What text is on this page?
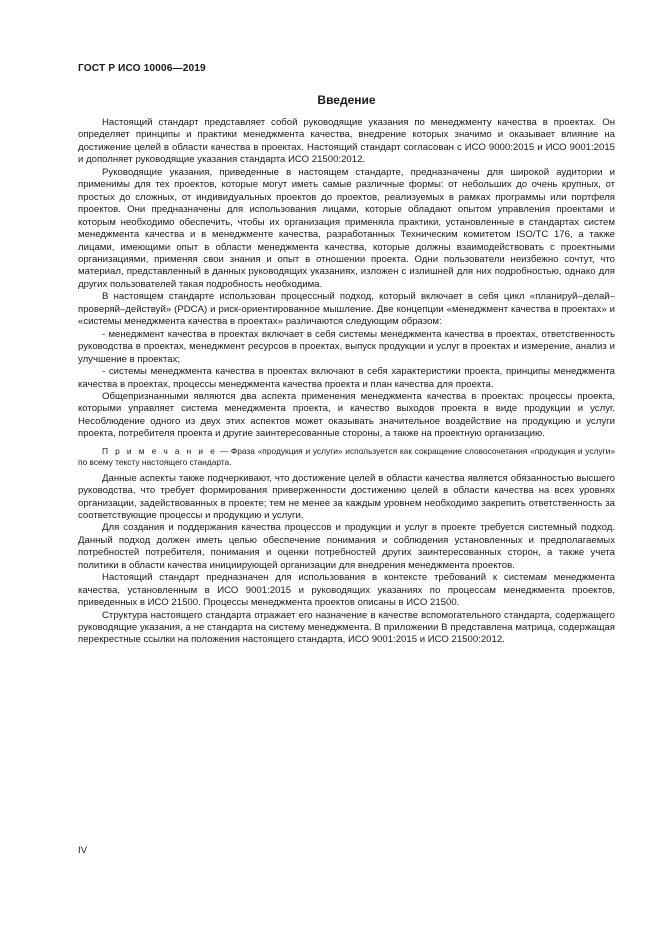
ГОСТ Р ИСО 10006—2019
Введение

Настоящий стандарт представляет собой руководящие указания по менеджменту качества в проектах. Он определяет принципы и практики менеджмента качества, внедрение которых значимо и оказывает влияние на достижение целей в области качества в проектах. Настоящий стандарт согласован с ИСО 9000:2015 и ИСО 9001:2015 и дополняет руководящие указания стандарта ИСО 21500:2012.

Руководящие указания, приведенные в настоящем стандарте, предназначены для широкой аудитории и применимы для тех проектов, которые могут иметь самые различные формы: от небольших до очень крупных, от простых до сложных, от индивидуальных проектов до проектов, реализуемых в рамках программы или портфеля проектов. Они предназначены для использования лицами, которые обладают опытом управления проектами и которым необходимо обеспечить, чтобы их организация применяла практики, установленные в стандартах систем менеджмента качества и в менеджменте качества, разработанных Техническим комитетом ISO/TC 176, а также лицами, имеющими опыт в области менеджмента качества, которые должны взаимодействовать с проектными организациями, применяя свои знания и опыт в отношении проекта. Одни пользователи неизбежно сочтут, что материал, представленный в данных руководящих указаниях, изложен с излишней для них подробностью, однако для других пользователей такая подробность необходима.

В настоящем стандарте использован процессный подход, который включает в себя цикл «планируй–делай–проверяй–действуй» (PDCA) и риск-ориентированное мышление. Две концепции «менеджмент качества в проектах» и «системы менеджмента качества в проектах» различаются следующим образом:

- менеджмент качества в проектах включает в себя системы менеджмента качества в проектах, ответственность руководства в проектах, менеджмент ресурсов в проектах, выпуск продукции и услуг в проектах и измерение, анализ и улучшение в проектах;

- системы менеджмента качества в проектах включают в себя характеристики проекта, принципы менеджмента качества в проектах, процессы менеджмента качества проекта и план качества для проекта.

Общепризнанными являются два аспекта применения менеджмента качества в проектах: процессы проекта, которыми управляет система менеджмента проекта, и качество выходов проекта в виде продукции и услуг. Несоблюдение одного из двух этих аспектов может оказывать значительное воздействие на продукцию и услуги проекта, потребителя проекта и другие заинтересованные стороны, а также на проектную организацию.

П р и м е ч а н и е — Фраза «продукция и услуги» используется как сокращение словосочетания «продукция и услуги» по всему тексту настоящего стандарта.

Данные аспекты также подчеркивают, что достижение целей в области качества является обязанностью высшего руководства, что требует формирования приверженности достижению целей в области качества на всех уровнях организации, задействованных в проекте; тем не менее за каждым уровнем необходимо закрепить ответственность за соответствующие процессы и продукцию и услуги.

Для создания и поддержания качества процессов и продукции и услуг в проекте требуется системный подход. Данный подход должен иметь целью обеспечение понимания и соблюдения установленных и предполагаемых потребностей потребителя, понимания и оценки потребностей других заинтересованных сторон, а также учета политики в области качества инициирующей организации для внедрения менеджмента проектов.

Настоящий стандарт предназначен для использования в контексте требований к системам менеджмента качества, установленным в ИСО 9001:2015 и руководящих указаниях по процессам менеджмента проектов, приведенных в ИСО 21500. Процессы менеджмента проектов описаны в ИСО 21500.

Структура настоящего стандарта отражает его назначение в качестве вспомогательного стандарта, содержащего руководящие указания, а не стандарта на систему менеджмента. В приложении В представлена матрица, содержащая перекрестные ссылки на положения настоящего стандарта, ИСО 9001:2015 и ИСО 21500:2012.

IV
